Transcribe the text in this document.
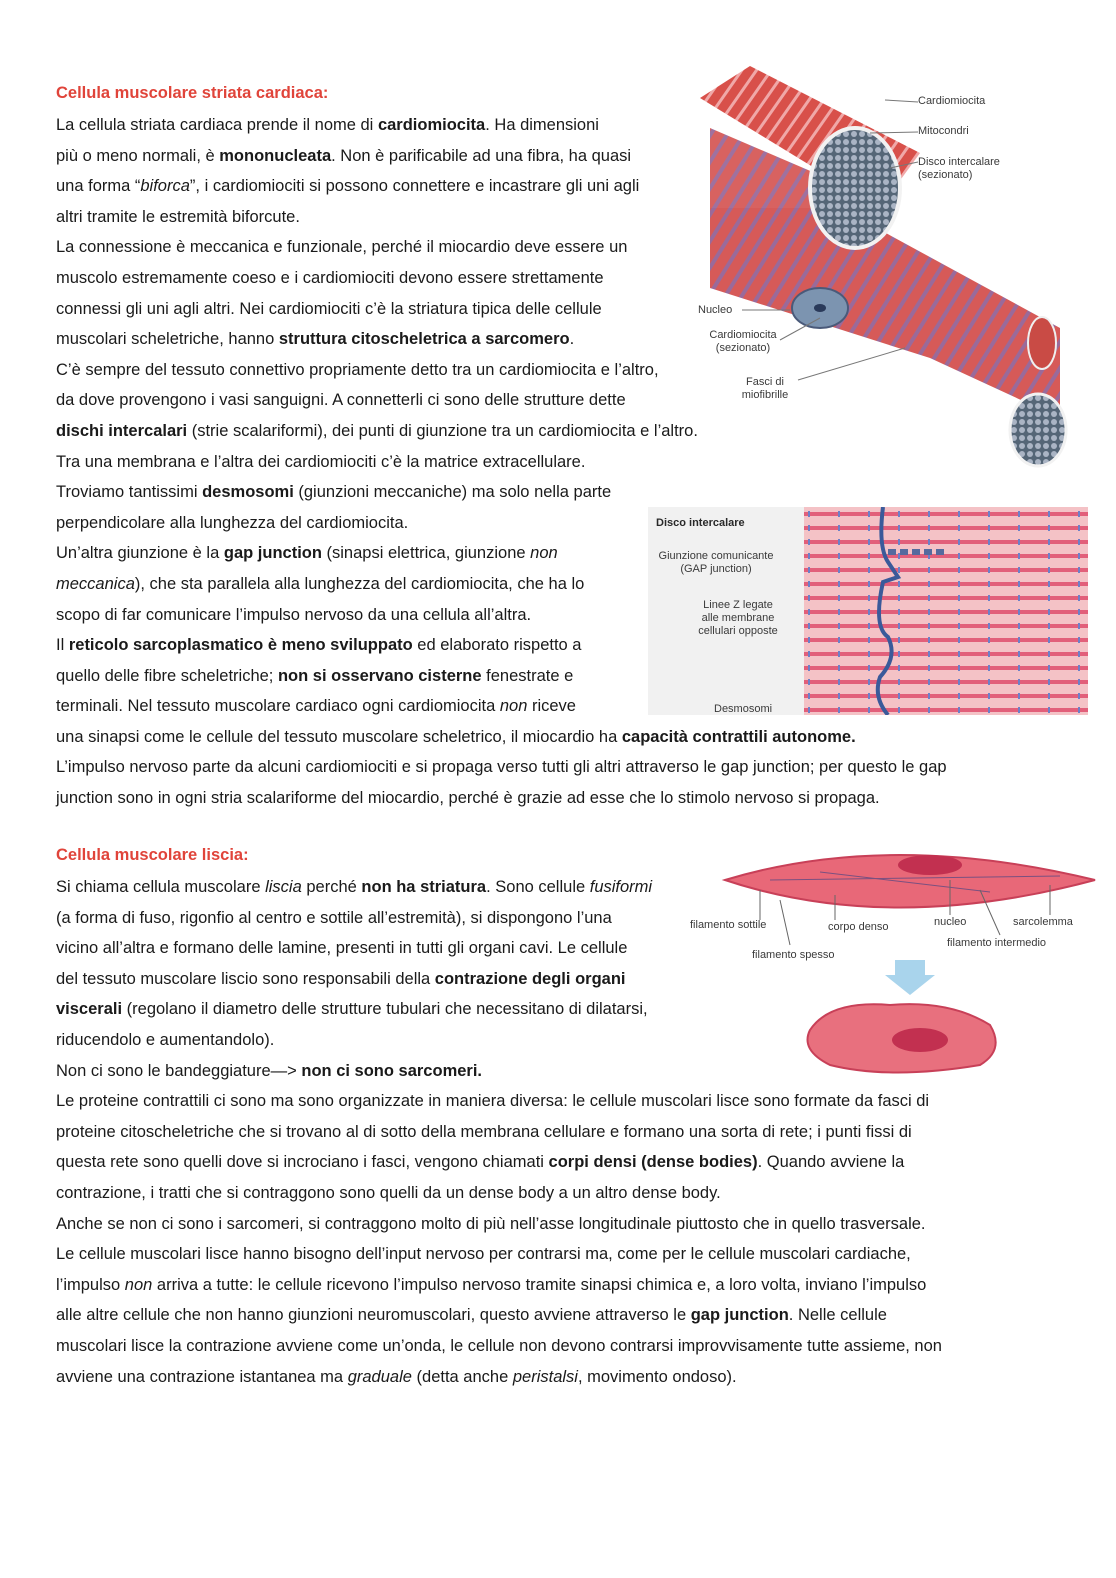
Cellula muscolare striata cardiaca:
La cellula striata cardiaca prende il nome di cardiomiocita. Ha dimensioni
più o meno normali, è mononucleata. Non è parificabile ad una fibra, ha quasi
una forma “biforca”, i cardiomiociti si possono connettere e incastrare gli uni agli
altri tramite le estremità biforcute.
La connessione è meccanica e funzionale, perché il miocardio deve essere un
muscolo estremamente coeso e i cardiomiociti devono essere strettamente
connessi gli uni agli altri. Nei cardiomiociti c’è la striatura tipica delle cellule
muscolari scheletriche, hanno struttura citoscheletrica a sarcomero.
C’è sempre del tessuto connettivo propriamente detto tra un cardiomiocita e l’altro,
da dove provengono i vasi sanguigni. A connetterli ci sono delle strutture dette
dischi intercalari (strie scalariformi), dei punti di giunzione tra un cardiomiocita e l’altro.
Tra una membrana e l’altra dei cardiomiociti c’è la matrice extracellulare.
Troviamo tantissimi desmosomi (giunzioni meccaniche) ma solo nella parte
perpendicolare alla lunghezza del cardiomiocita.
Un’altra giunzione è la gap junction (sinapsi elettrica, giunzione non
meccanica), che sta parallela alla lunghezza del cardiomiocita, che ha lo
scopo di far comunicare l’impulso nervoso da una cellula all’altra.
Il reticolo sarcoplasmatico è meno sviluppato ed elaborato rispetto a
quello delle fibre scheletriche; non si osservano cisterne fenestrate e
terminali. Nel tessuto muscolare cardiaco ogni cardiomiocita non riceve
una sinapsi come le cellule del tessuto muscolare scheletrico, il miocardio ha capacità contrattili autonome.
L’impulso nervoso parte da alcuni cardiomiociti e si propaga verso tutti gli altri attraverso le gap junction; per questo le gap
junction sono in ogni stria scalariforme del miocardio, perché è grazie ad esse che lo stimolo nervoso si propaga.
Cellula muscolare liscia:
Si chiama cellula muscolare liscia perché non ha striatura. Sono cellule fusiformi
(a forma di fuso, rigonfio al centro e sottile all’estremità), si dispongono l’una
vicino all’altra e formano delle lamine, presenti in tutti gli organi cavi. Le cellule
del tessuto muscolare liscio sono responsabili della contrazione degli organi
viscerali (regolano il diametro delle strutture tubulari che necessitano di dilatarsi,
riducendolo e aumentandolo).
Non ci sono le bandeggiature—> non ci sono sarcomeri.
Le proteine contrattili ci sono ma sono organizzate in maniera diversa: le cellule muscolari lisce sono formate da fasci di
proteine citoscheletriche che si trovano al di sotto della membrana cellulare e formano una sorta di rete; i punti fissi di
questa rete sono quelli dove si incrociano i fasci, vengono chiamati corpi densi (dense bodies). Quando avviene la
contrazione, i tratti che si contraggono sono quelli da un dense body a un altro dense body.
Anche se non ci sono i sarcomeri, si contraggono molto di più nell’asse longitudinale piuttosto che in quello trasversale.
Le cellule muscolari lisce hanno bisogno dell’input nervoso per contrarsi ma, come per le cellule muscolari cardiache,
l’impulso non arriva a tutte: le cellule ricevono l’impulso nervoso tramite sinapsi chimica e, a loro volta, inviano l’impulso
alle altre cellule che non hanno giunzioni neuromuscolari, questo avviene attraverso le gap junction. Nelle cellule
muscolari lisce la contrazione avviene come un’onda, le cellule non devono contrarsi improvvisamente tutte assieme, non
avviene una contrazione istantanea ma graduale (detta anche peristalsi, movimento ondoso).
Cardiomiocita
Mitocondri
Disco intercalare
(sezionato)
Nucleo
Cardiomiocita
(sezionato)
Fasci di
miofibrille
Disco intercalare
Giunzione comunicante
(GAP junction)
Linee Z legate
alle membrane
cellulari opposte
Desmosomi
filamento sottile	corpo denso	nucleo	sarcolemma
filamento intermedio
filamento spesso
